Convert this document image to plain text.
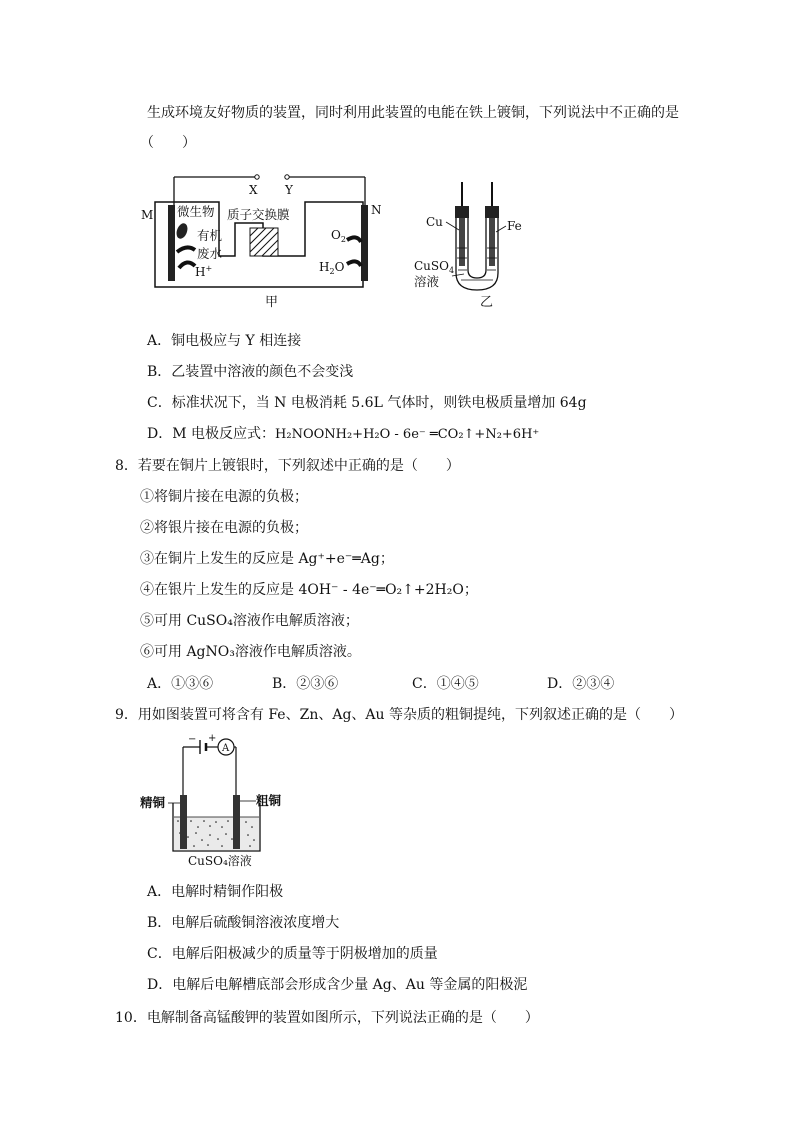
生成环境友好物质的装置，同时利用此装置的电能在铁上镀铜，下列说法中不正确的是
（　　）
X Y
M	N
微生物
有机
废水
H+
质子交换膜
$O_2$
$H_2O$
甲
Cu	Fe
CuSO$_4$
溶液
乙
A．铜电极应与 Y 相连接
B．乙装置中溶液的颜色不会变浅
C．标准状况下，当 N 电极消耗 5.6L 气体时，则铁电极质量增加 64g
D．M 电极反应式：H₂NOONH₂+H₂O - 6e⁻ ═CO₂↑+N₂+6H⁺
8．若要在铜片上镀银时，下列叙述中正确的是（　　）
①将铜片接在电源的负极；
②将银片接在电源的负极；
③在铜片上发生的反应是 Ag⁺+e⁻═Ag；
④在银片上发生的反应是 4OH⁻ - 4e⁻═O₂↑+2H₂O；
⑤可用 CuSO₄溶液作电解质溶液；
⑥可用 AgNO₃溶液作电解质溶液。
A．①③⑥	B．②③⑥	C．①④⑤	D．②③④
9．用如图装置可将含有 Fe、Zn、Ag、Au 等杂质的粗铜提纯，下列叙述正确的是（　　）
− +
A
精铜	粗铜
CuSO₄溶液
A．电解时精铜作阳极
B．电解后硫酸铜溶液浓度增大
C．电解后阳极减少的质量等于阴极增加的质量
D．电解后电解槽底部会形成含少量 Ag、Au 等金属的阳极泥
10．电解制备高锰酸钾的装置如图所示，下列说法正确的是（　　）
